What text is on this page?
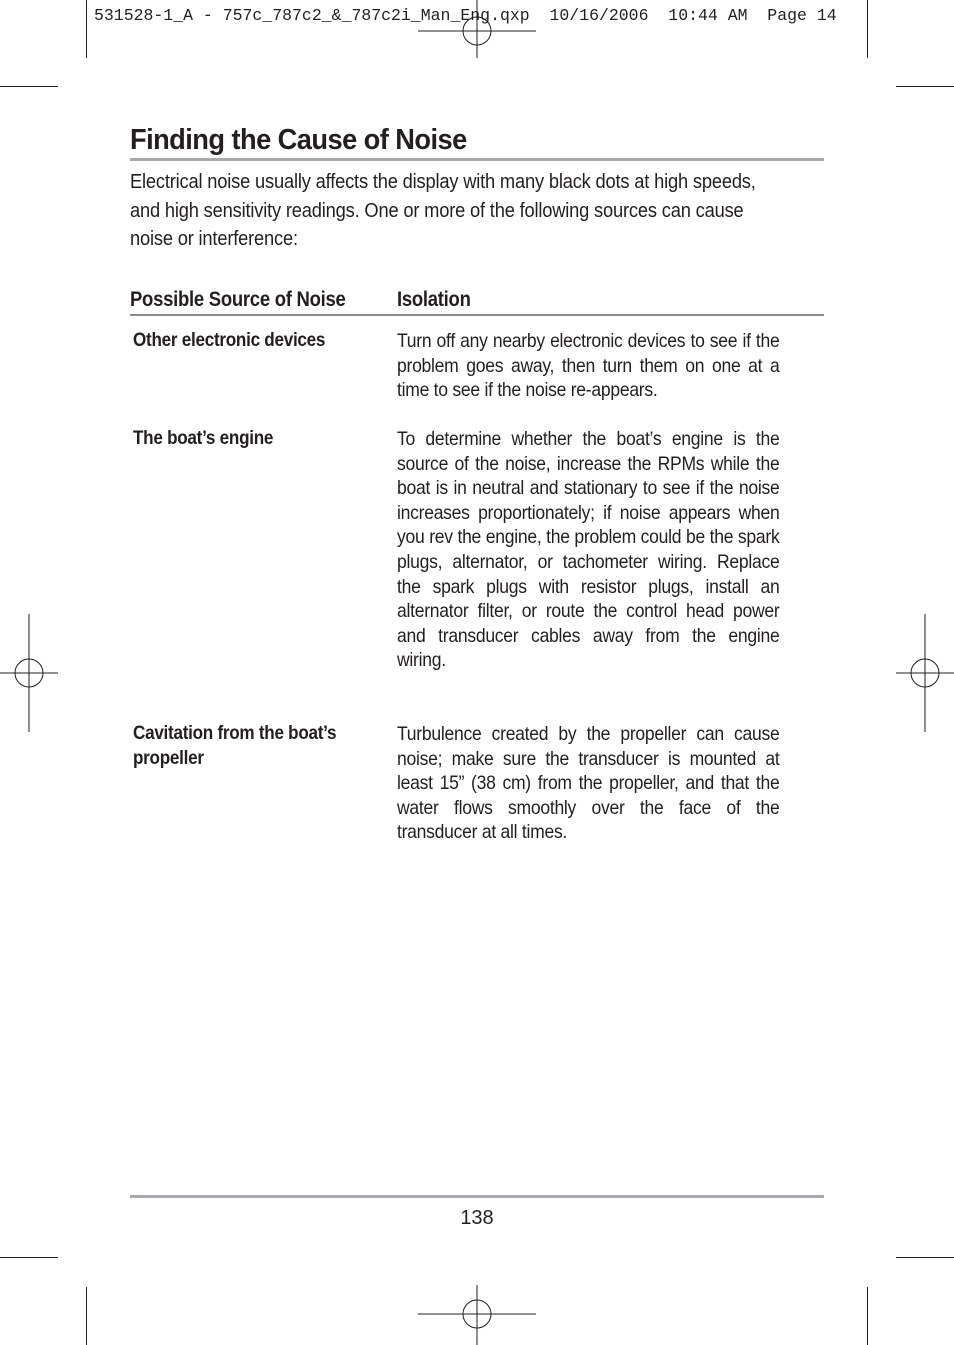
531528-1_A - 757c_787c2_&_787c2i_Man_Eng.qxp  10/16/2006  10:44 AM  Page 14
Finding the Cause of Noise

Electrical noise usually affects the display with many black dots at high speeds, and high sensitivity readings. One or more of the following sources can cause noise or interference:

Possible Source of Noise Isolation
Other electronic devices	Turn off any nearby electronic devices to see if the problem goes away, then turn them on one at a time to see if the noise re-appears.
The boat’s engine	To determine whether the boat’s engine is the source of the noise, increase the RPMs while the boat is in neutral and stationary to see if the noise increases proportionately; if noise appears when you rev the engine, the problem could be the spark plugs, alternator, or tachometer wiring. Replace the spark plugs with resistor plugs, install an alternator filter, or route the control head power and transducer cables away from the engine wiring.
Cavitation from the boat’s propeller
Turbulence created by the propeller can cause noise; make sure the transducer is mounted at least 15” (38 cm) from the propeller, and that the water flows smoothly over the face of the transducer at all times.
138
